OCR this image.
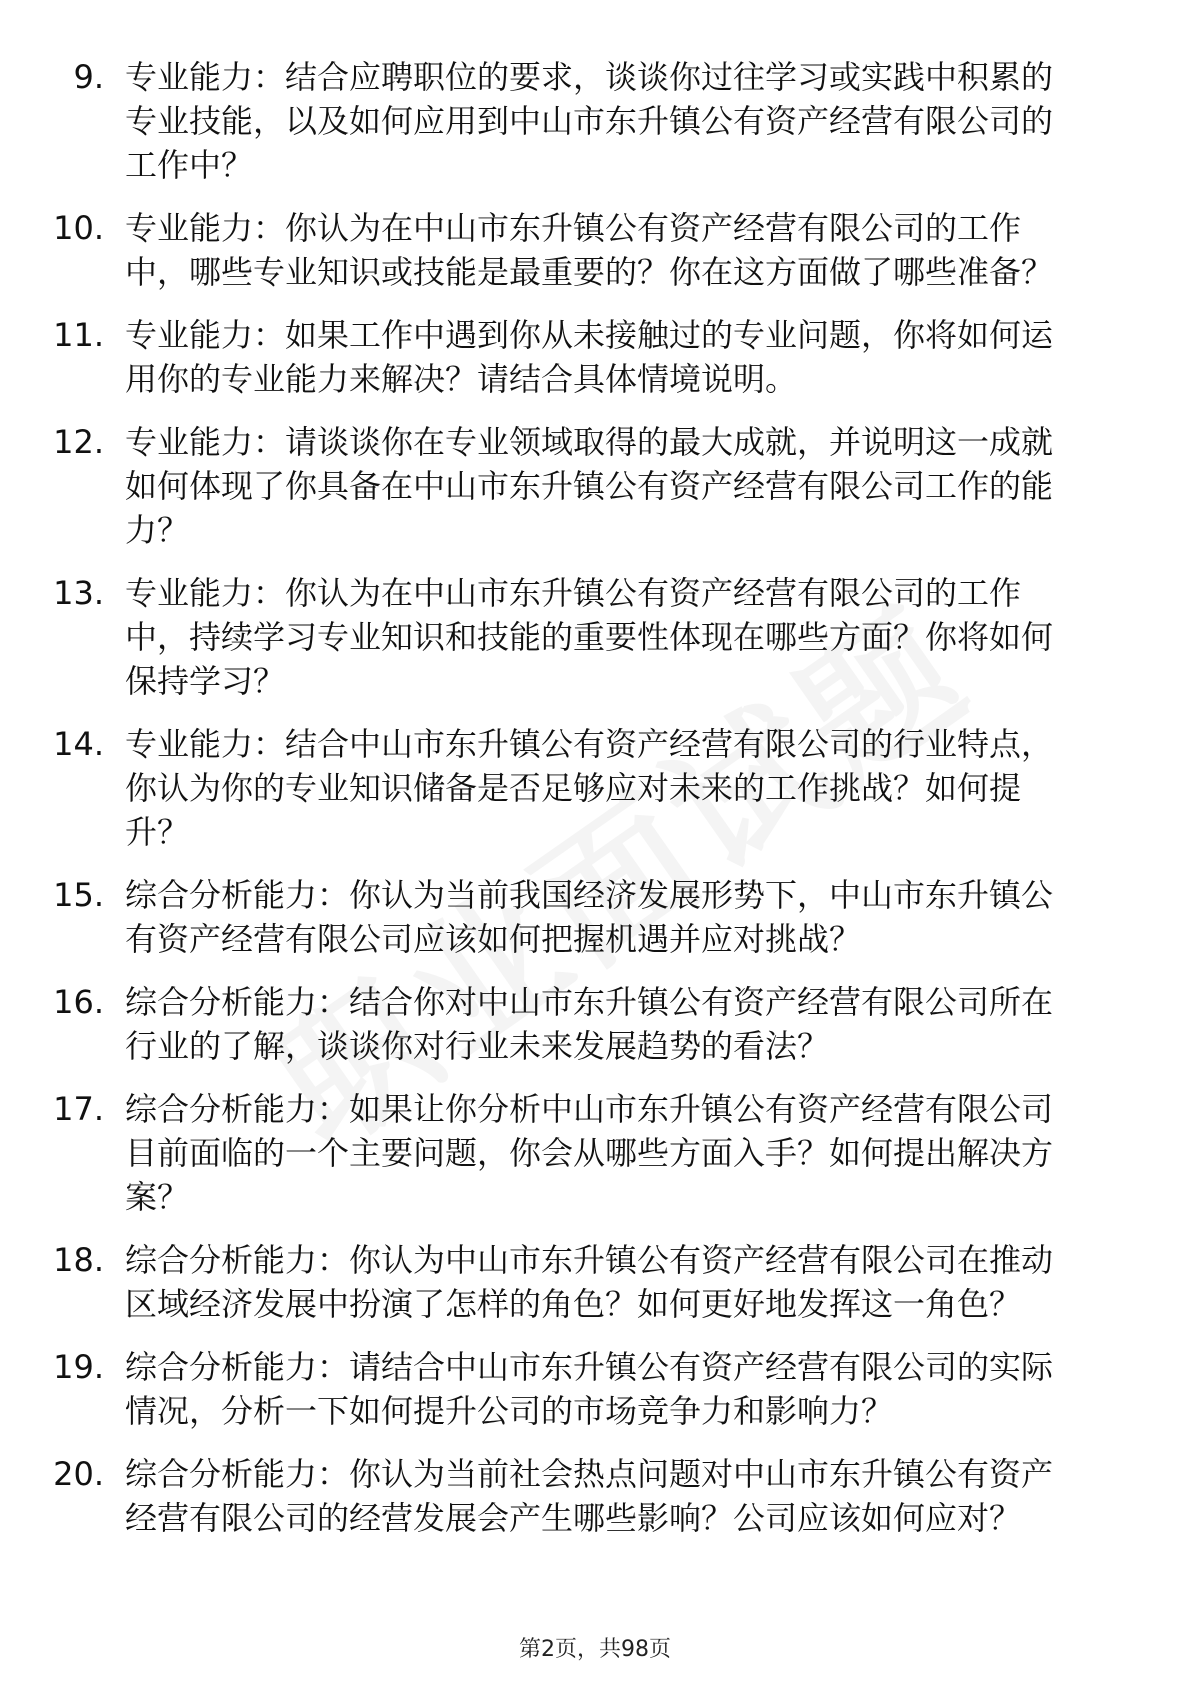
9. 专业能力：结合应聘职位的要求，谈谈你过往学习或实践中积累的专业技能，以及如何应用到中山市东升镇公有资产经营有限公司的工作中？
10. 专业能力：你认为在中山市东升镇公有资产经营有限公司的工作中，哪些专业知识或技能是最重要的？你在这方面做了哪些准备？
11. 专业能力：如果工作中遇到你从未接触过的专业问题，你将如何运用你的专业能力来解决？请结合具体情境说明。
12. 专业能力：请谈谈你在专业领域取得的最大成就，并说明这一成就如何体现了你具备在中山市东升镇公有资产经营有限公司工作的能力？
13. 专业能力：你认为在中山市东升镇公有资产经营有限公司的工作中，持续学习专业知识和技能的重要性体现在哪些方面？你将如何保持学习？
14. 专业能力：结合中山市东升镇公有资产经营有限公司的行业特点，你认为你的专业知识储备是否足够应对未来的工作挑战？如何提升？
15. 综合分析能力：你认为当前我国经济发展形势下，中山市东升镇公有资产经营有限公司应该如何把握机遇并应对挑战？
16. 综合分析能力：结合你对中山市东升镇公有资产经营有限公司所在行业的了解，谈谈你对行业未来发展趋势的看法？
17. 综合分析能力：如果让你分析中山市东升镇公有资产经营有限公司目前面临的一个主要问题，你会从哪些方面入手？如何提出解决方案？
18. 综合分析能力：你认为中山市东升镇公有资产经营有限公司在推动区域经济发展中扮演了怎样的角色？如何更好地发挥这一角色？
19. 综合分析能力：请结合中山市东升镇公有资产经营有限公司的实际情况，分析一下如何提升公司的市场竞争力和影响力？
20. 综合分析能力：你认为当前社会热点问题对中山市东升镇公有资产经营有限公司的经营发展会产生哪些影响？公司应该如何应对？
第2页，共98页
